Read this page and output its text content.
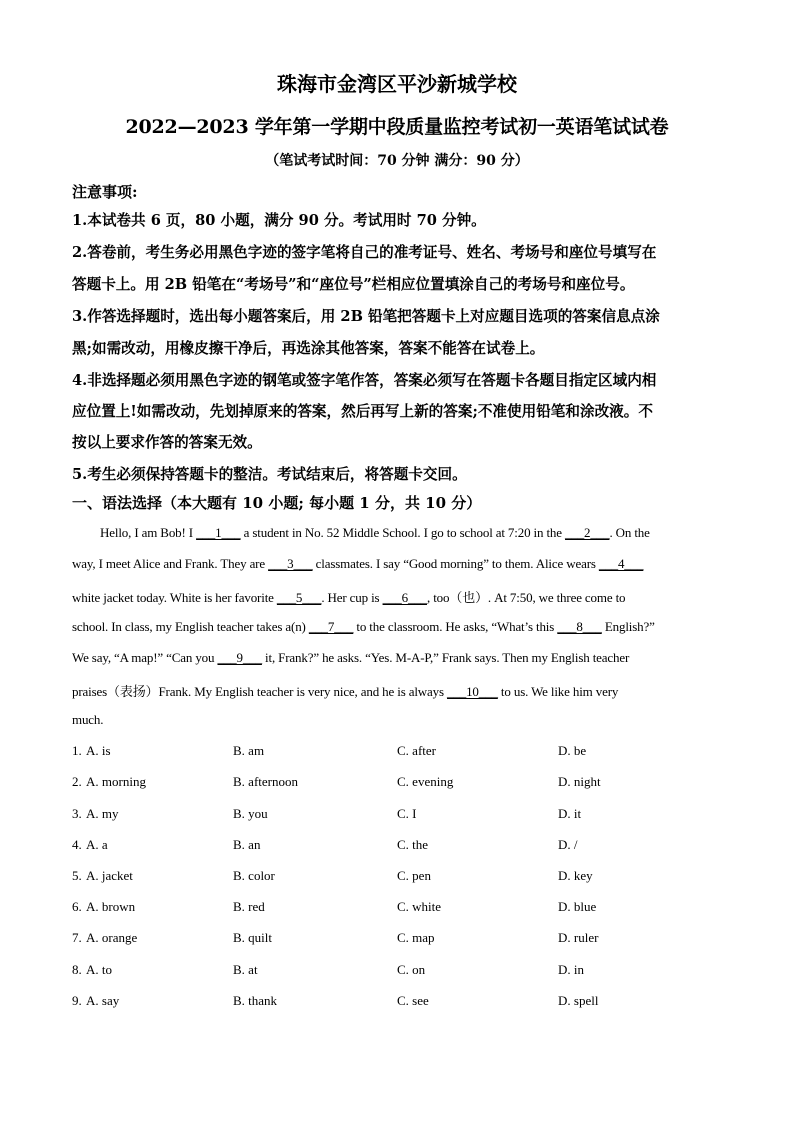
珠海市金湾区平沙新城学校
2022—2023 学年第一学期中段质量监控考试初一英语笔试试卷
（笔试考试时间：70 分钟 满分：90 分）
注意事项:
1.本试卷共 6 页，80 小题，满分 90 分。考试用时 70 分钟。
2.答卷前，考生务必用黑色字迹的签字笔将自己的准考证号、姓名、考场号和座位号填写在
答题卡上。用 2B 铅笔在“考场号”和“座位号”栏相应位置填涂自己的考场号和座位号。
3.作答选择题时，选出每小题答案后，用 2B 铅笔把答题卡上对应题目选项的答案信息点涂
黑;如需改动，用橡皮擦干净后，再选涂其他答案，答案不能答在试卷上。
4.非选择题必须用黑色字迹的钢笔或签字笔作答，答案必须写在答题卡各题目指定区域内相
应位置上!如需改动，先划掉原来的答案，然后再写上新的答案;不准使用铅笔和涂改液。不
按以上要求作答的答案无效。
5.考生必须保持答题卡的整洁。考试结束后，将答题卡交回。
一、语法选择（本大题有 10 小题; 每小题 1 分，共 10 分）
Hello, I am Bob! I ___1___ a student in No. 52 Middle School. I go to school at 7:20 in the ___2___. On the
way, I meet Alice and Frank. They are ___3___ classmates. I say “Good morning” to them. Alice wears ___4___
white jacket today. White is her favorite ___5___. Her cup is ___6___, too（也）. At 7:50, we three come to
school. In class, my English teacher takes a(n) ___7___ to the classroom. He asks, “What’s this ___8___ English?”
We say, “A map!” “Can you ___9___ it, Frank?” he asks. “Yes. M-A-P,” Frank says. Then my English teacher
praises（表扬）Frank. My English teacher is very nice, and he is always ___10___ to us. We like him very
much.
1. A. is	B. am	C. after	D. be
2. A. morning	B. afternoon	C. evening	D. night
3. A. my	B. you	C. I	D. it
4. A. a	B. an	C. the	D. /
5. A. jacket	B. color	C. pen	D. key
6. A. brown	B. red	C. white	D. blue
7. A. orange	B. quilt	C. map	D. ruler
8. A. to	B. at	C. on	D. in
9. A. say	B. thank	C. see	D. spell
